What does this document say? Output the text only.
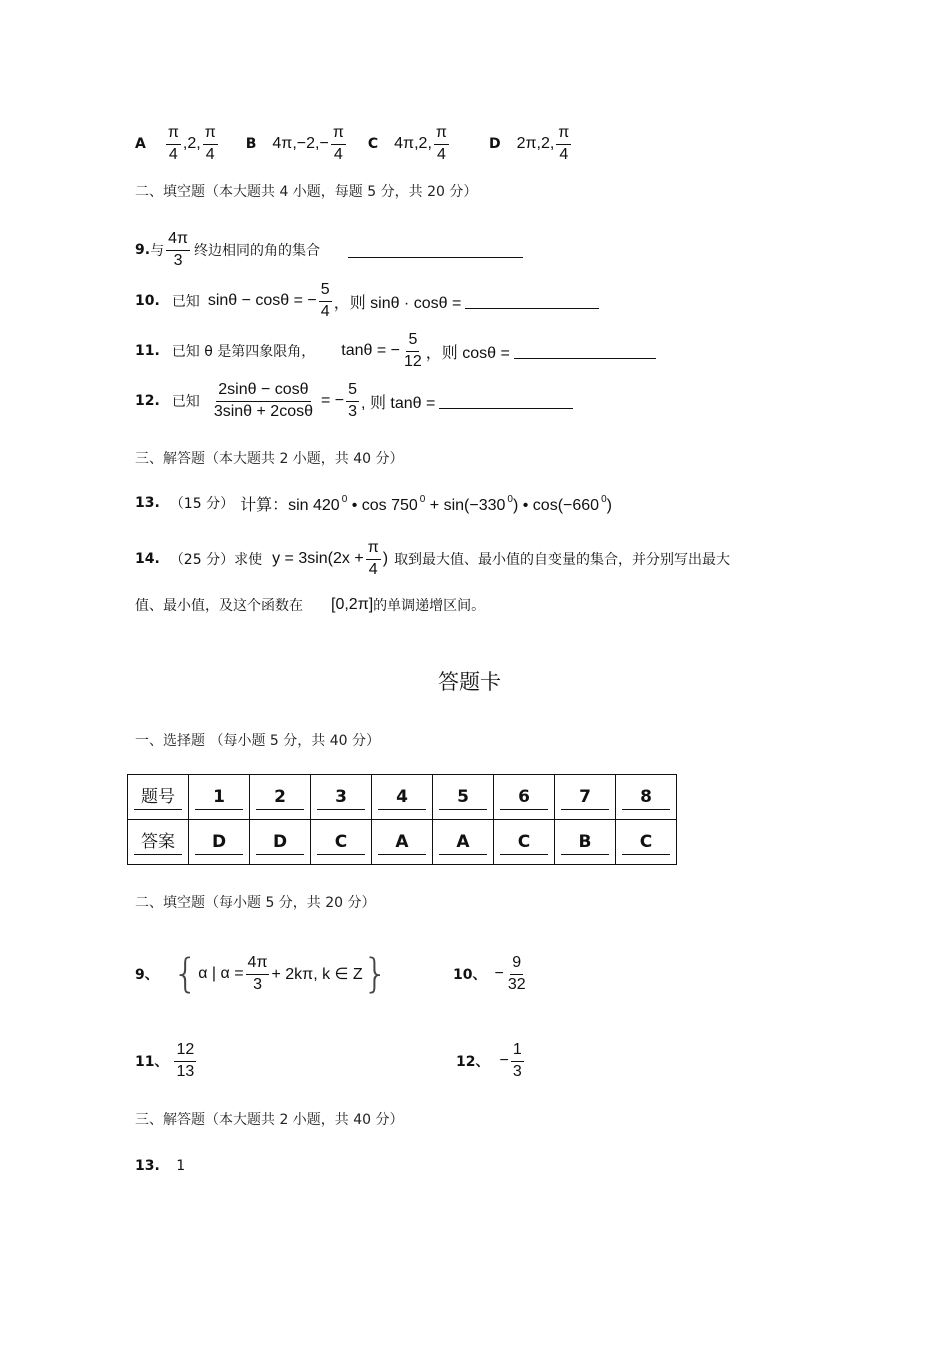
A $\frac{\pi}{4} ,2$, $\frac{\pi}{4}$ B $4\pi,-2,- \frac{\pi}{4}$ C 4π,2, $\frac{\pi}{4}$	D 2π,2, $\frac{\pi}{4}$
二、填空题（本大题共 4 小题，每题 5 分，共 20 分）
9. 与 $\frac{4\pi}{3}$ 终边相同的角的集合
10. 已知 sinθ − cosθ = − $\frac{5}{4}$ ，则 sinθ · cosθ =
11. 已知 θ 是第四象限角， tanθ = − $\frac{5}{12}$ ，则 cosθ =
12. 已知 $\frac{2\sin\theta - \cos\theta}{3\sin\theta + 2\cos\theta}$ = − $\frac{5}{3}$ , 则 tanθ =
三、解答题（本大题共 2 小题，共 40 分）
13. （15 分） 计算：sin 420 $^0$ • cos 750 $^0$ + sin(−330 $^0$) • cos(−660 $^0$)
14. （25 分）求使 $y = 3\sin(2x + \frac{\pi}{4}$ ) 取到最大值、最小值的自变量的集合，并分别写出最大
值、最小值，及这个函数在 [0,2π] 的单调递增区间。
答题卡
一、选择题 （每小题 5 分，共 40 分）
题号	1	2	3	4	5	6	7	8
答案	D	D	C	A	A	C	B	C
二、填空题（每小题 5 分，共 20 分）
9、 { α | $\alpha = \frac{4\pi}{3} + 2k\pi$, k ∈ Z }	10、 − $\frac{9}{32}$
11、 $\frac{12}{13}$	12、 − $\frac{1}{3}$
三、解答题（本大题共 2 小题，共 40 分）
13. 1
